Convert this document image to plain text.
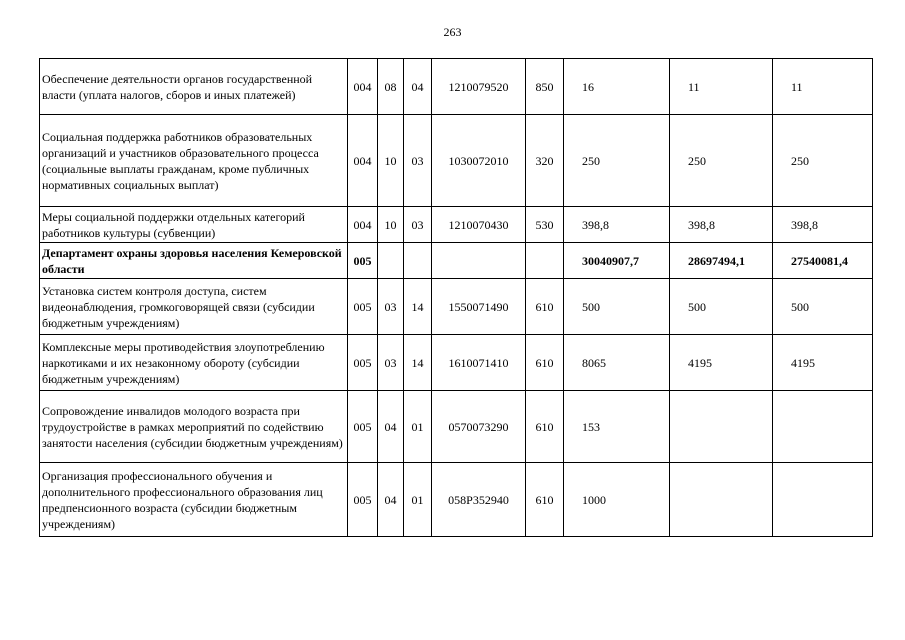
263
Обеспечение деятельности органов государственной власти (уплата налогов, сборов и иных платежей)	004	08	04	1210079520	850	16	11	11
Социальная поддержка работников образовательных организаций и участников образовательного процесса (социальные выплаты гражданам, кроме публичных нормативных социальных выплат)	004	10	03	1030072010	320	250	250	250
Меры социальной поддержки отдельных категорий работников культуры (субвенции)	004	10	03	1210070430	530	398,8	398,8	398,8
Департамент охраны здоровья населения Кемеровской области	005					30040907,7	28697494,1	27540081,4
Установка систем контроля доступа, систем видеонаблюдения, громкоговорящей связи (субсидии бюджетным учреждениям)	005	03	14	1550071490	610	500	500	500
Комплексные меры противодействия злоупотреблению наркотиками и их незаконному обороту (субсидии бюджетным учреждениям)	005	03	14	1610071410	610	8065	4195	4195
Сопровождение инвалидов молодого возраста при трудоустройстве в рамках мероприятий по содействию занятости населения (субсидии бюджетным учреждениям)	005	04	01	0570073290	610	153		
Организация профессионального обучения и дополнительного профессионального образования лиц предпенсионного возраста (субсидии бюджетным учреждениям)	005	04	01	058P352940	610	1000		
